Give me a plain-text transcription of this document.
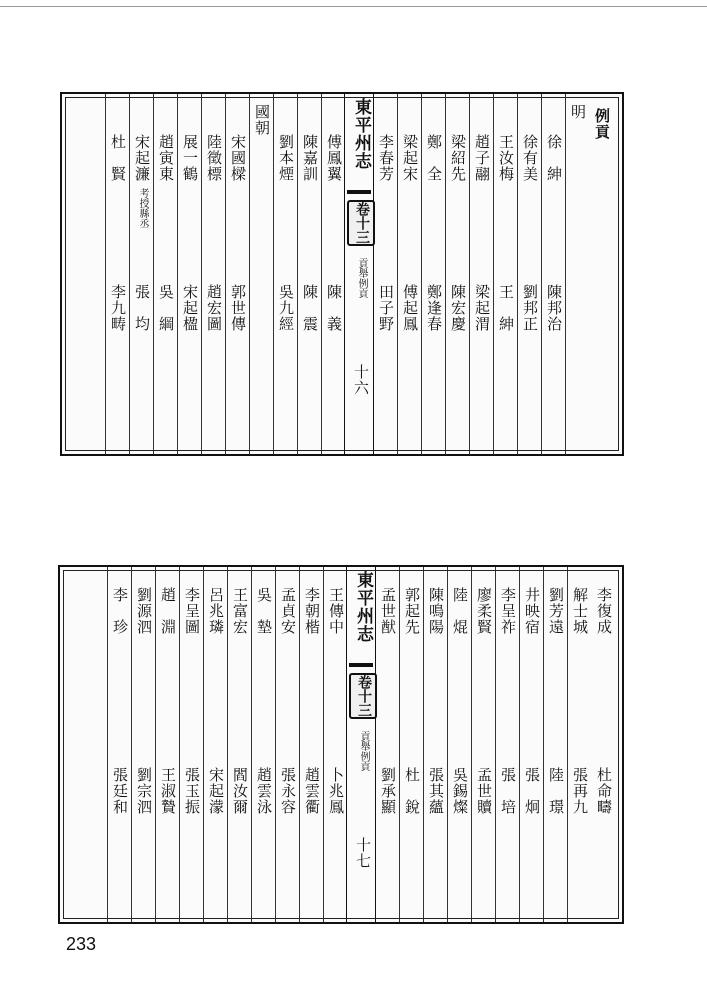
例貢
明
徐　紳
陳邦治
徐有美
劉邦正
王汝梅
王　紳
趙子翮
梁起渭
梁紹先
陳宏慶
鄭　全
鄭逢春
梁起宋
傅起鳳
李春芳
田子野
東平州志
卷十三
貢舉例貢
十六
傅鳳翼
陳　義
陳嘉訓
陳　震
劉本煙
吳九經
國朝
宋國樑
郭世傳
陸徵標
趙宏圖
展一鶴
宋起楹
趙寅東
吳　綱
宋起濂
考授縣丞
張　均
杜　賢
李九畴
李復成
杜命疇
解士城
張再九
劉芳遠
陸　璟
井映宿
張　炯
李呈祚
張　培
廖柔賢
孟世贖
陸　焜
吳錫燦
陳鳴陽
張其蘊
郭起先
杜　銳
孟世猷
劉承顯
東平州志
卷十三
貢舉例貢
十七
王傳中
卜兆鳳
李朝楷
趙雲衢
孟貞安
張永容
吳　墊
趙雲泳
王富宏
閻汝爾
呂兆璘
宋起濛
李呈圖
張玉振
趙　淵
王淑贄
劉源泗
劉宗泗
李　珍
張廷和
233
